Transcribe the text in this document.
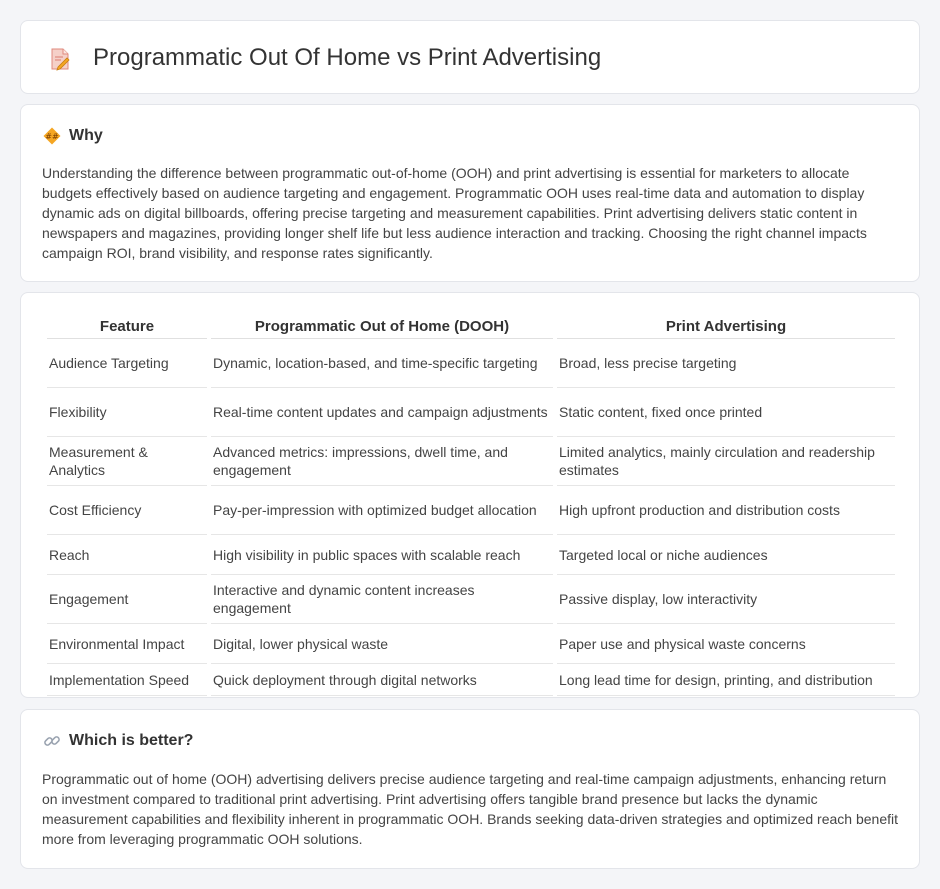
Programmatic Out Of Home vs Print Advertising
## Why

Understanding the difference between programmatic out-of-home (OOH) and print advertising is essential for marketers to allocate budgets effectively based on audience targeting and engagement. Programmatic OOH uses real-time data and automation to display dynamic ads on digital billboards, offering precise targeting and measurement capabilities. Print advertising delivers static content in newspapers and magazines, providing longer shelf life but less audience interaction and tracking. Choosing the right channel impacts campaign ROI, brand visibility, and response rates significantly.

Feature	Programmatic Out of Home (DOOH)	Print Advertising
Audience Targeting	Dynamic, location-based, and time-specific targeting	Broad, less precise targeting
Flexibility	Real-time content updates and campaign adjustments	Static content, fixed once printed
Measurement & Analytics	Advanced metrics: impressions, dwell time, and engagement	Limited analytics, mainly circulation and readership estimates
Cost Efficiency	Pay-per-impression with optimized budget allocation	High upfront production and distribution costs
Reach	High visibility in public spaces with scalable reach	Targeted local or niche audiences
Engagement	Interactive and dynamic content increases engagement	Passive display, low interactivity
Environmental Impact	Digital, lower physical waste	Paper use and physical waste concerns
Implementation Speed	Quick deployment through digital networks	Long lead time for design, printing, and distribution
Which is better?

Programmatic out of home (OOH) advertising delivers precise audience targeting and real-time campaign adjustments, enhancing return on investment compared to traditional print advertising. Print advertising offers tangible brand presence but lacks the dynamic measurement capabilities and flexibility inherent in programmatic OOH. Brands seeking data-driven strategies and optimized reach benefit more from leveraging programmatic OOH solutions.
